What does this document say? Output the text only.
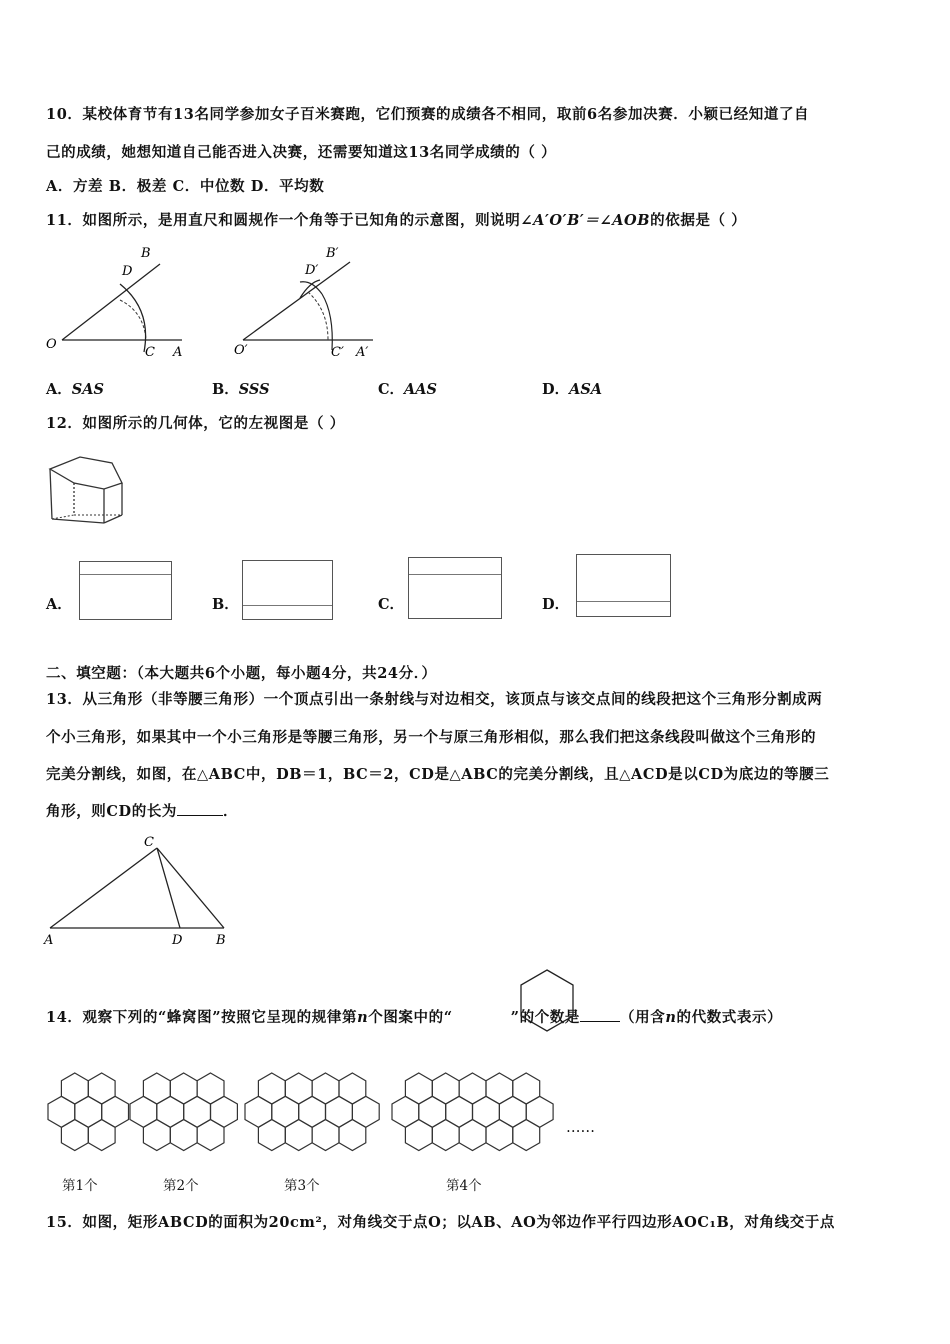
10．某校体育节有13名同学参加女子百米赛跑，它们预赛的成绩各不相同，取前6名参加决赛．小颖已经知道了自
己的成绩，她想知道自己能否进入决赛，还需要知道这13名同学成绩的（ ）
A．方差 B．极差 C．中位数 D．平均数
11．如图所示，是用直尺和圆规作一个角等于已知角的示意图，则说明∠A′O′B′＝∠AOB的依据是（ ）
O
C A
D
B
O′	C′ A′
D′
B′
A．SAS	B．SSS	C．AAS	D．ASA
12．如图所示的几何体，它的左视图是（ ）
A．	B．	C．	D．
二、填空题：（本大题共6个小题，每小题4分，共24分．）
13．从三角形（非等腰三角形）一个顶点引出一条射线与对边相交，该顶点与该交点间的线段把这个三角形分割成两
个小三角形，如果其中一个小三角形是等腰三角形，另一个与原三角形相似，那么我们把这条线段叫做这个三角形的
完美分割线，如图，在△ABC中，DB＝1，BC＝2，CD是△ABC的完美分割线，且△ACD是以CD为底边的等腰三
角形，则CD的长为	．
A	D	B
C
14．观察下列的“蜂窝图”按照它呈现的规律第n个图案中的“	”的个数是	（用含n的代数式表示）
第1个	第2个	第3个	第4个
……
15．如图，矩形ABCD的面积为20cm²，对角线交于点O；以AB、AO为邻边作平行四边形AOC₁B，对角线交于点
